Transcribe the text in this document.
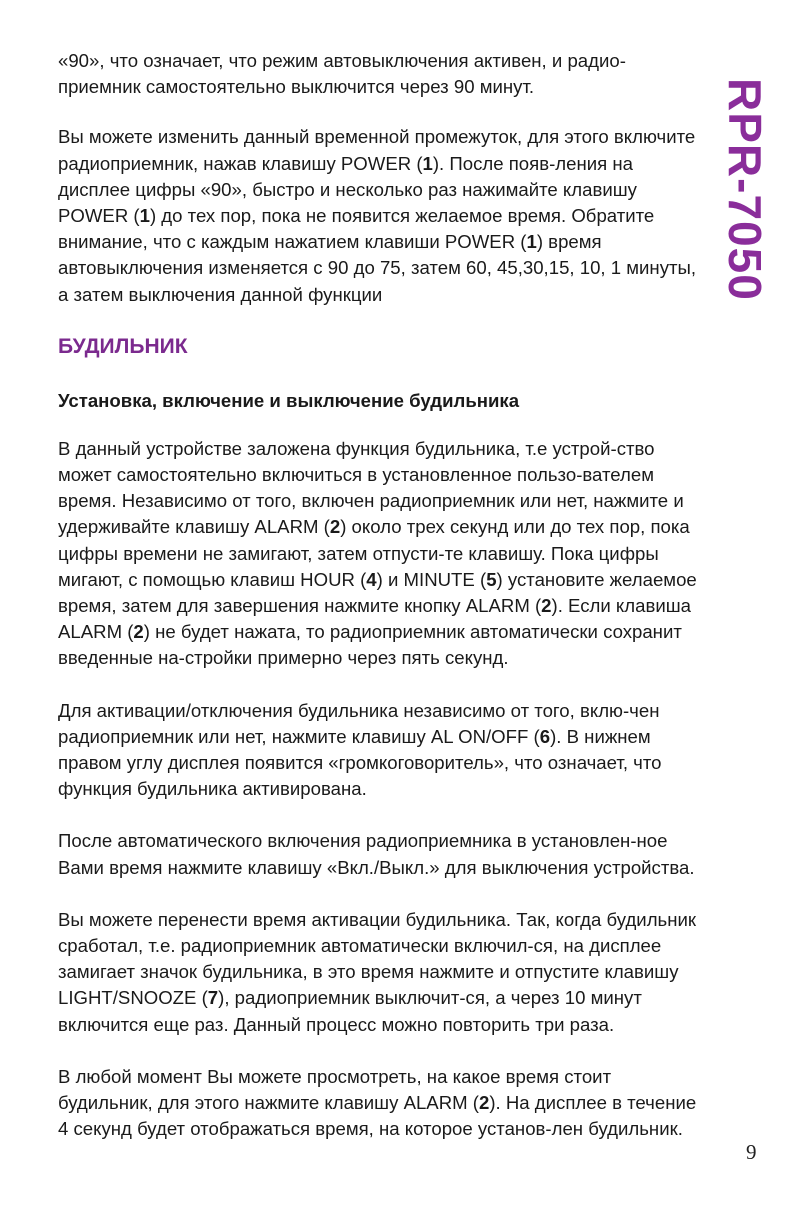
RPR-7050

«90», что означает, что режим автовыключения активен, и радио-приемник самостоятельно выключится через 90 минут.

Вы можете изменить данный временной промежуток, для этого включите радиоприемник, нажав клавишу POWER (1). После появ-ления на дисплее цифры «90», быстро и несколько раз нажимайте клавишу POWER (1) до тех пор, пока не появится желаемое время. Обратите внимание, что с каждым нажатием клавиши POWER (1) время автовыключения изменяется с 90 до 75, затем 60, 45,30,15, 10, 1 минуты, а затем выключения данной функции

БУДИЛЬНИК
Установка, включение и выключение будильника

В данный устройстве заложена функция будильника, т.е устрой-ство может самостоятельно включиться в установленное пользо-вателем время. Независимо от того, включен радиоприемник или нет, нажмите и удерживайте клавишу ALARM (2) около трех секунд или до тех пор, пока цифры времени не замигают, затем отпусти-те клавишу. Пока цифры мигают, с помощью клавиш HOUR (4) и MINUTE (5) установите желаемое время, затем для завершения нажмите кнопку ALARM (2). Если клавиша ALARM (2) не будет нажата, то радиоприемник автоматически сохранит введенные на-стройки примерно через пять секунд.

Для активации/отключения будильника независимо от того, вклю-чен радиоприемник или нет, нажмите клавишу AL ON/OFF (6). В нижнем правом углу дисплея появится «громкоговоритель», что означает, что функция будильника активирована.

После автоматического включения радиоприемника в установлен-ное Вами время нажмите клавишу «Вкл./Выкл.» для выключения устройства.

Вы можете перенести время активации будильника. Так, когда будильник сработал, т.е. радиоприемник автоматически включил-ся, на дисплее замигает значок будильника, в это время нажмите и отпустите клавишу LIGHT/SNOOZE (7), радиоприемник выключит-ся, а через 10 минут включится еще раз. Данный процесс можно повторить три раза.

В любой момент Вы можете просмотреть, на какое время стоит будильник, для этого нажмите клавишу ALARM (2). На дисплее в течение 4 секунд будет отображаться время, на которое установ-лен будильник.

9
